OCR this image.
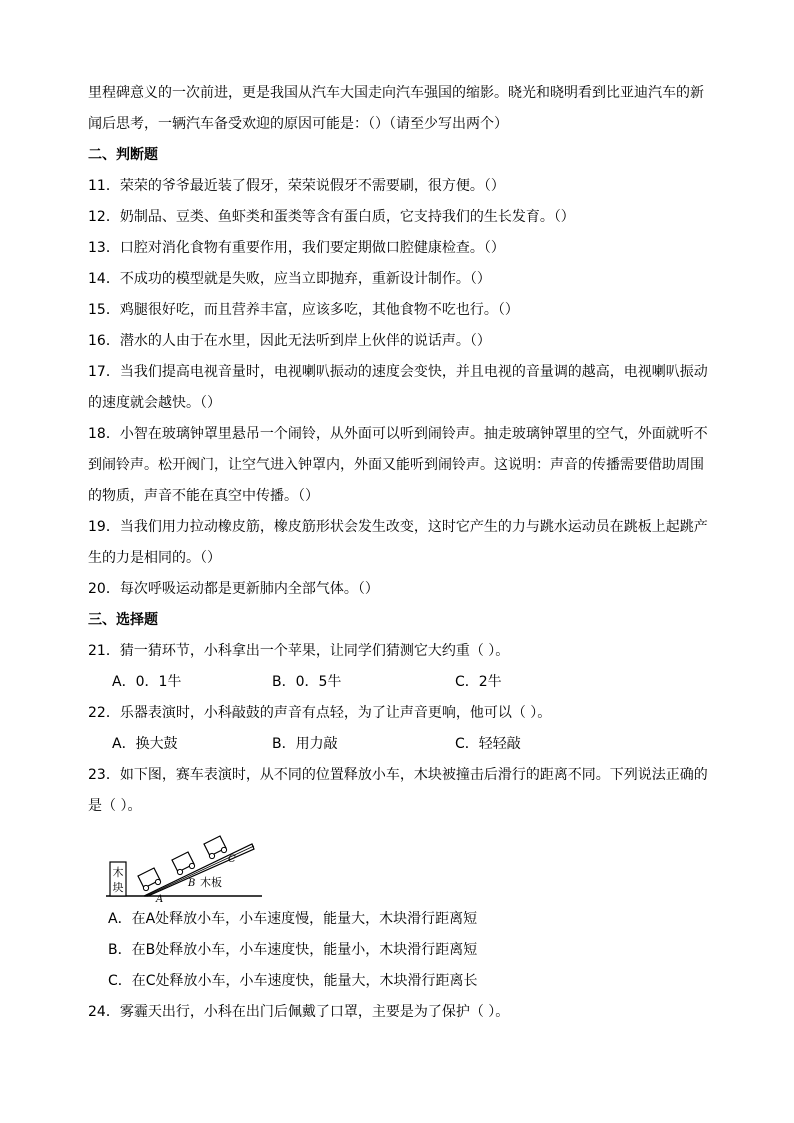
里程碑意义的一次前进，更是我国从汽车大国走向汽车强国的缩影。晓光和晓明看到比亚迪汽车的新
闻后思考，一辆汽车备受欢迎的原因可能是：（）（请至少写出两个）
二、判断题
11．荣荣的爷爷最近装了假牙，荣荣说假牙不需要刷，很方便。（）
12．奶制品、豆类、鱼虾类和蛋类等含有蛋白质，它支持我们的生长发育。（）
13．口腔对消化食物有重要作用，我们要定期做口腔健康检查。（）
14．不成功的模型就是失败，应当立即抛弃，重新设计制作。（）
15．鸡腿很好吃，而且营养丰富，应该多吃，其他食物不吃也行。（）
16．潜水的人由于在水里，因此无法听到岸上伙伴的说话声。（）
17．当我们提高电视音量时，电视喇叭振动的速度会变快，并且电视的音量调的越高，电视喇叭振动
的速度就会越快。（）
18．小智在玻璃钟罩里悬吊一个闹铃，从外面可以听到闹铃声。抽走玻璃钟罩里的空气，外面就听不
到闹铃声。松开阀门，让空气进入钟罩内，外面又能听到闹铃声。这说明：声音的传播需要借助周围
的物质，声音不能在真空中传播。（）
19．当我们用力拉动橡皮筋，橡皮筋形状会发生改变，这时它产生的力与跳水运动员在跳板上起跳产
生的力是相同的。（）
20．每次呼吸运动都是更新肺内全部气体。（）
三、选择题
21．猜一猜环节，小科拿出一个苹果，让同学们猜测它大约重（ ）。
A．0．1牛	B．0．5牛	C．2牛
22．乐器表演时，小科敲鼓的声音有点轻，为了让声音更响，他可以（ ）。
A．换大鼓	B．用力敲	C．轻轻敲
23．如下图，赛车表演时，从不同的位置释放小车，木块被撞击后滑行的距离不同。下列说法正确的
是（ ）。
木
块
A
B
C
木板
A．在A处释放小车，小车速度慢，能量大，木块滑行距离短
B．在B处释放小车，小车速度快，能量小，木块滑行距离短
C．在C处释放小车，小车速度快，能量大，木块滑行距离长
24．雾霾天出行，小科在出门后佩戴了口罩，主要是为了保护（ ）。
